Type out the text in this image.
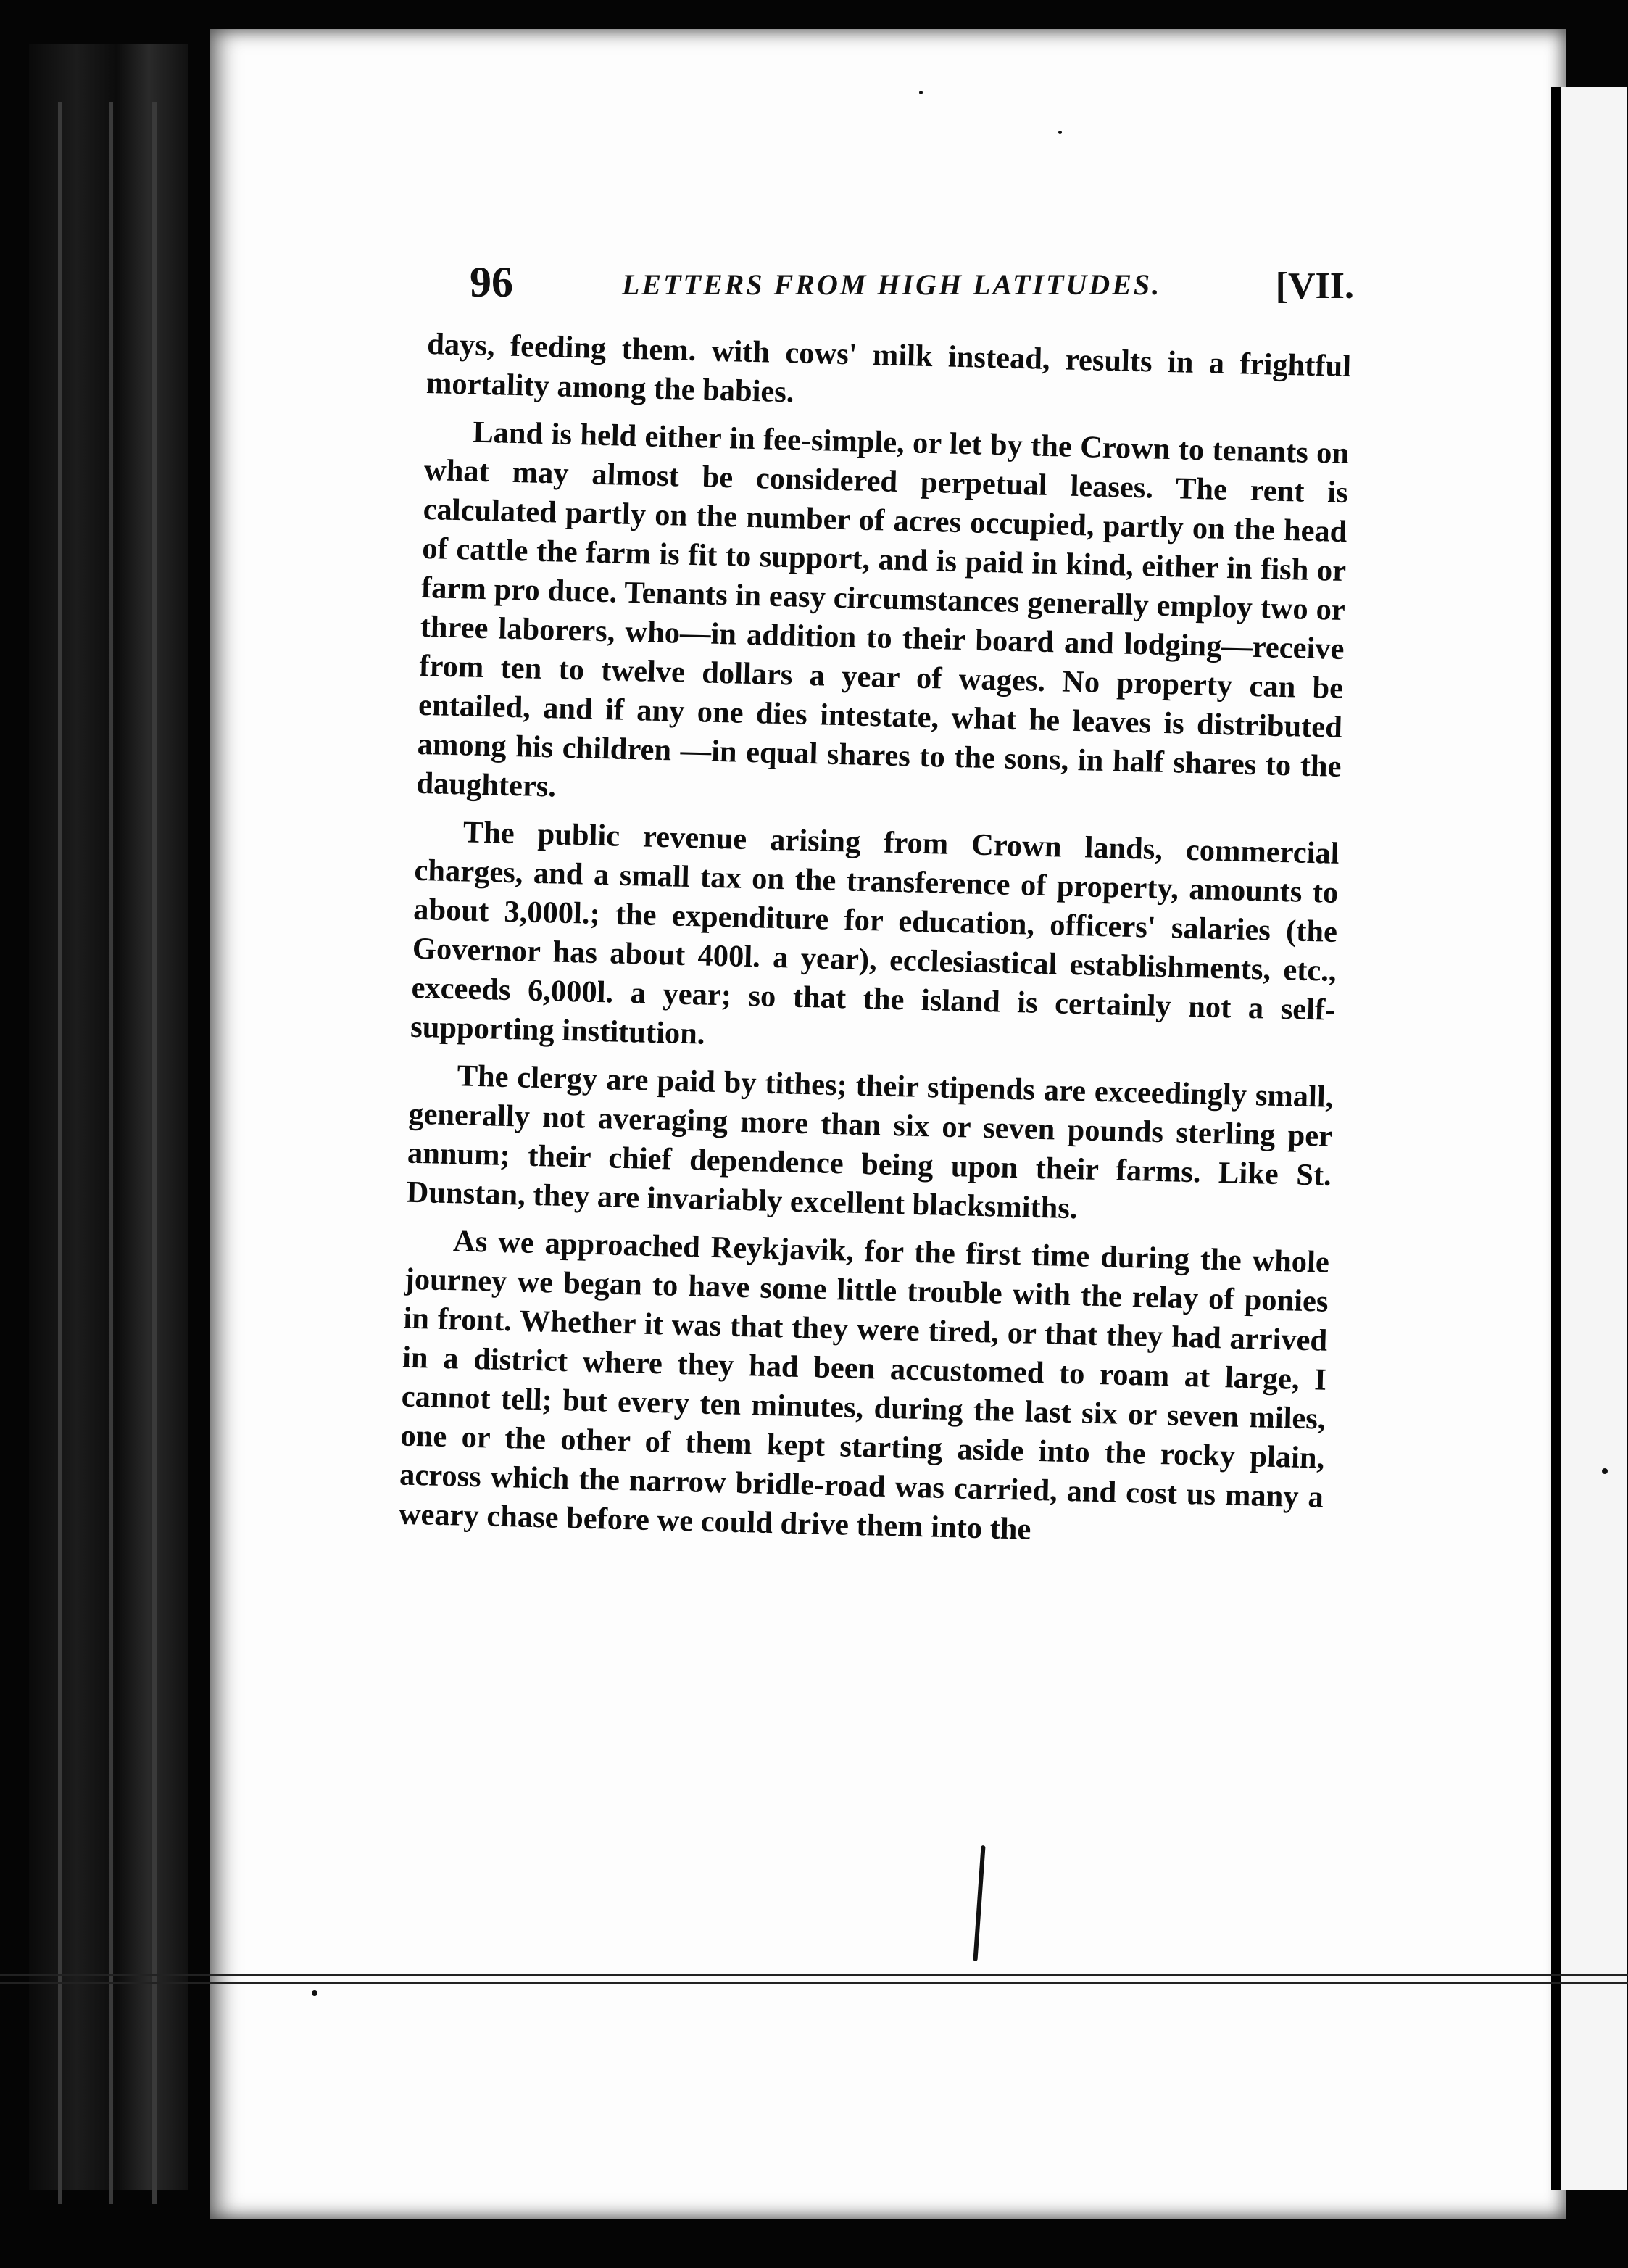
96	LETTERS FROM HIGH LATITUDES.	[VII.

days, feeding them. with cows' milk instead, results in a frightful mortality among the babies.

Land is held either in fee-simple, or let by the Crown to tenants on what may almost be considered perpetual leases. The rent is calculated partly on the number of acres occupied, partly on the head of cattle the farm is fit to support, and is paid in kind, either in fish or farm pro duce. Tenants in easy circumstances generally employ two or three laborers, who—in addition to their board and lodging—receive from ten to twelve dollars a year of wages. No property can be entailed, and if any one dies intestate, what he leaves is distributed among his children —in equal shares to the sons, in half shares to the daughters.

The public revenue arising from Crown lands, commercial charges, and a small tax on the transference of property, amounts to about 3,000l.; the expenditure for education, officers' salaries (the Governor has about 400l. a year), ecclesiastical establishments, etc., exceeds 6,000l. a year; so that the island is certainly not a self-supporting institution.

The clergy are paid by tithes; their stipends are exceedingly small, generally not averaging more than six or seven pounds sterling per annum; their chief dependence being upon their farms. Like St. Dunstan, they are invariably excellent blacksmiths.

As we approached Reykjavik, for the first time during the whole journey we began to have some little trouble with the relay of ponies in front. Whether it was that they were tired, or that they had arrived in a district where they had been accustomed to roam at large, I cannot tell; but every ten minutes, during the last six or seven miles, one or the other of them kept starting aside into the rocky plain, across which the narrow bridle-road was carried, and cost us many a weary chase before we could drive them into the
